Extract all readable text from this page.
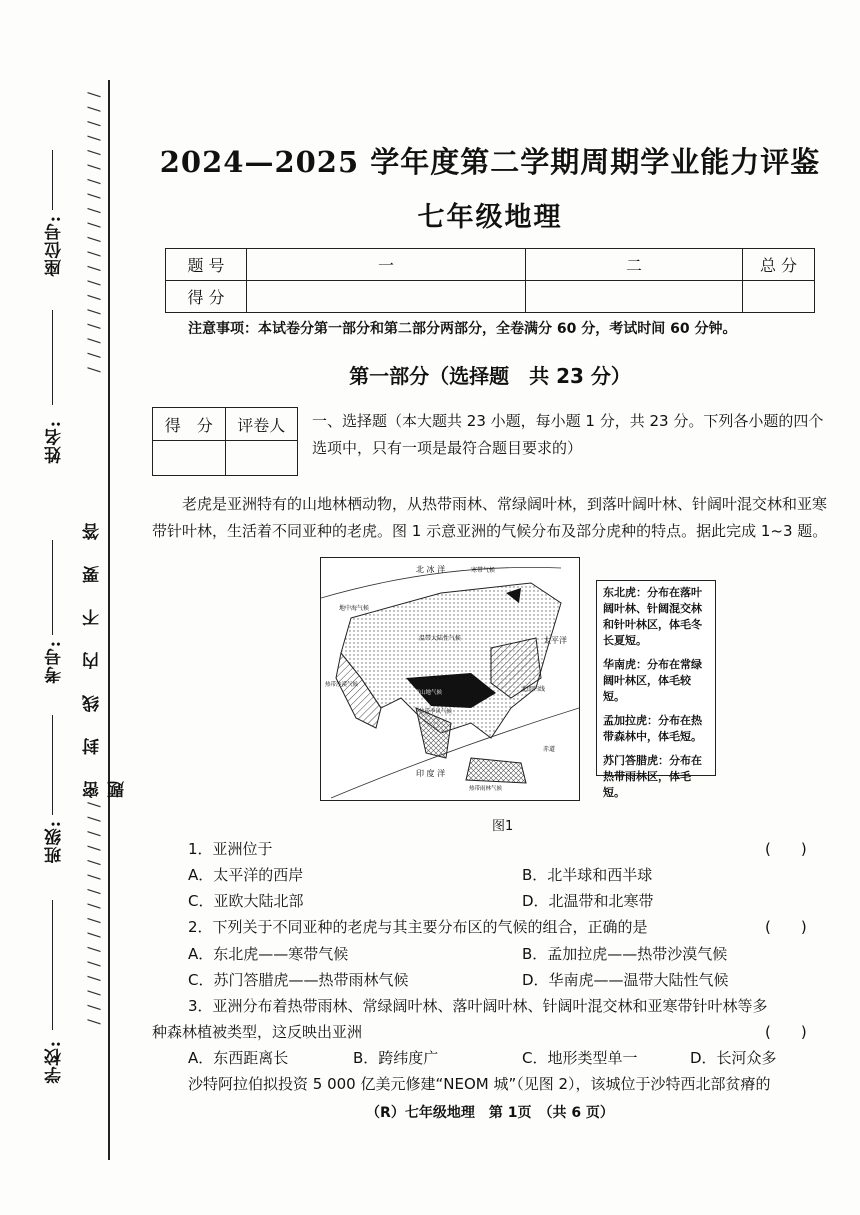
/ / / / / / / / / / / / / / / / / / / /
/ / / / / / / / / / / / / / / /
密封线内不要答题
座位号:
姓名:
考号:
班级:
学校:
2024—2025 学年度第二学期周期学业能力评鉴
七年级地理
题 号	一	二	总 分
得 分			
注意事项：本试卷分第一部分和第二部分两部分，全卷满分 60 分，考试时间 60 分钟。
第一部分（选择题　共 23 分）
得　分	评卷人
	一、选择题（本大题共 23 小题，每小题 1 分，共 23 分。下列各小题的四个选项中，只有一项是最符合题目要求的）
老虎是亚洲特有的山地林栖动物，从热带雨林、常绿阔叶林，到落叶阔叶林、针阔叶混交林和亚寒带针叶林，生活着不同亚种的老虎。图 1 示意亚洲的气候分布及部分虎种的特点。据此完成 1~3 题。
北 冰 洋	寒带气候
地中海气候
温带大陆性气候	太平洋
热带沙漠气候
高原山地气候	北回归线
热带季风气候
印 度 洋
热带雨林气候
赤道

东北虎：分布在落叶阔叶林、针阔混交林和针叶林区，体毛冬长夏短。

华南虎：分布在常绿阔叶林区，体毛较短。

孟加拉虎：分布在热带森林中，体毛短。

苏门答腊虎：分布在热带雨林区，体毛短。

图1
1．亚洲位于	(　　)
A．太平洋的西岸	B．北半球和西半球
C．亚欧大陆北部	D．北温带和北寒带
2．下列关于不同亚种的老虎与其主要分布区的气候的组合，正确的是	(　　)
A．东北虎——寒带气候	B．孟加拉虎——热带沙漠气候
C．苏门答腊虎——热带雨林气候	D．华南虎——温带大陆性气候
3．亚洲分布着热带雨林、常绿阔叶林、落叶阔叶林、针阔叶混交林和亚寒带针叶林等多
种森林植被类型，这反映出亚洲	(　　)
A．东西距离长	B．跨纬度广	C．地形类型单一	D．长河众多
沙特阿拉伯拟投资 5 000 亿美元修建“NEOM 城”（见图 2），该城位于沙特西北部贫瘠的
（R）七年级地理　第 1页　（共 6 页）
